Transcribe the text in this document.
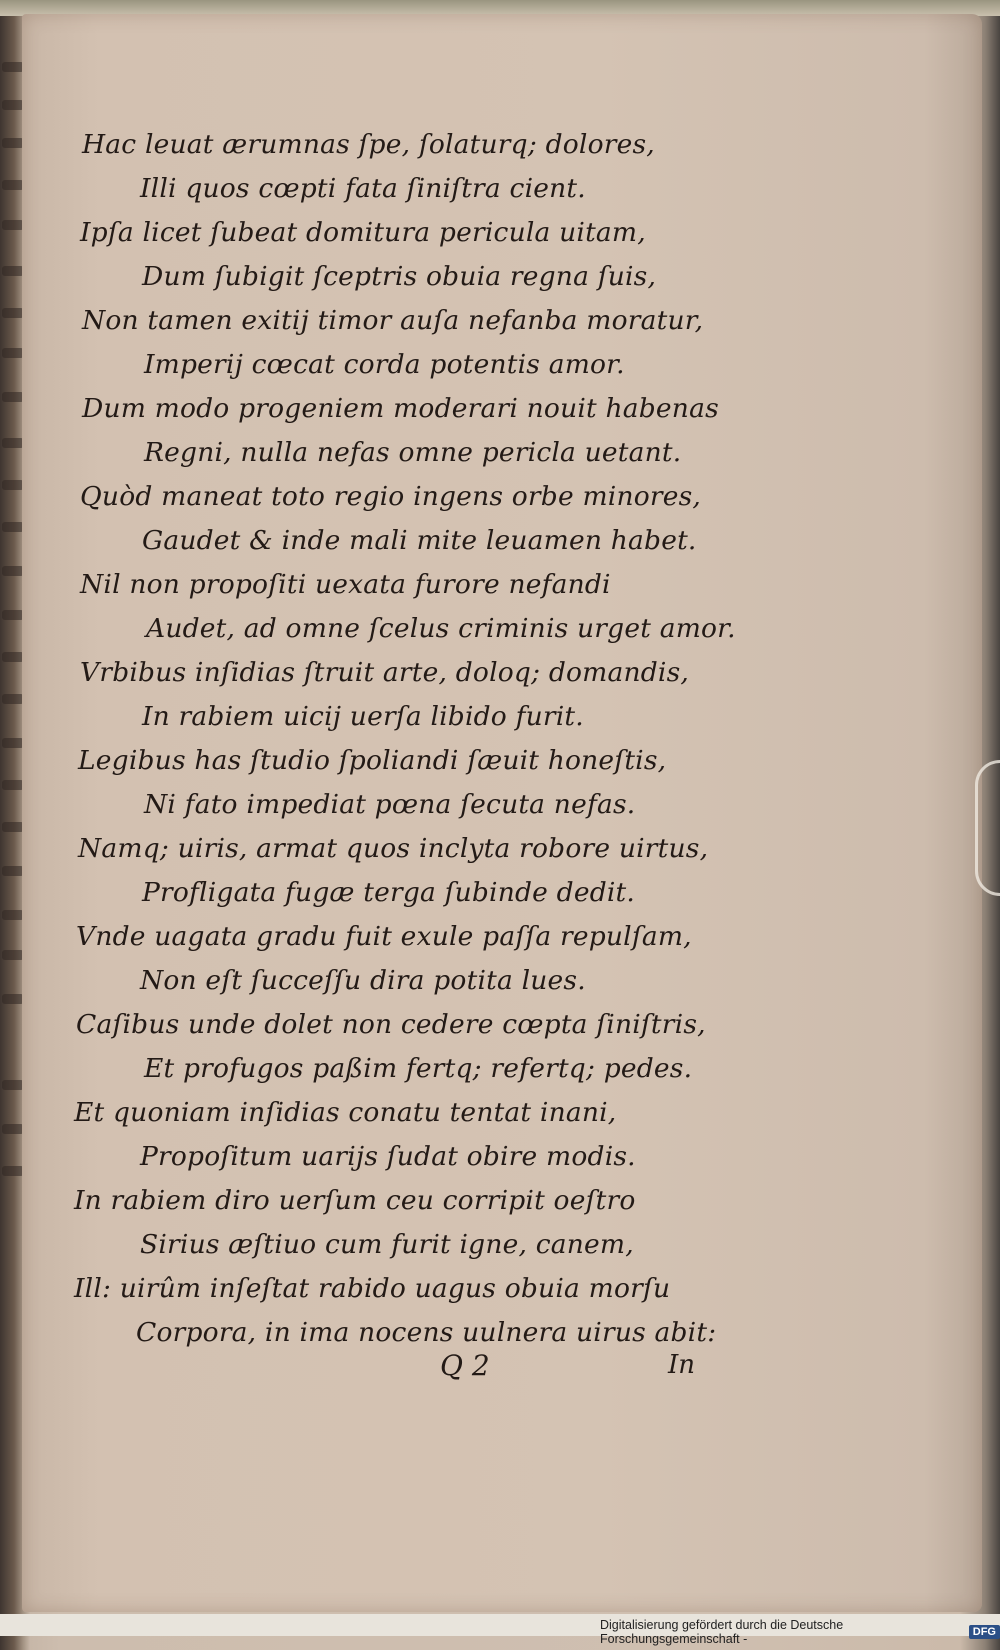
Hac leuat ærumnas ſpe, ſolaturq; dolores,
Illi quos cœpti fata ſiniſtra cient.
Ipſa licet ſubeat domitura pericula uitam,
Dum ſubigit ſceptris obuia regna ſuis,
Non tamen exitij timor auſa nefanba moratur,
Imperij cœcat corda potentis amor.
Dum modo progeniem moderari nouit habenas
Regni, nulla nefas omne pericla uetant.
Quòd maneat toto regio ingens orbe minores,
Gaudet & inde mali mite leuamen habet.
Nil non propoſiti uexata furore nefandi
Audet, ad omne ſcelus criminis urget amor.
Vrbibus inſidias ſtruit arte, doloq; domandis,
In rabiem uicij uerſa libido furit.
Legibus has ſtudio ſpoliandi ſæuit honeſtis,
Ni fato impediat pœna ſecuta nefas.
Namq; uiris, armat quos inclyta robore uirtus,
Profligata fugæ terga ſubinde dedit.
Vnde uagata gradu fuit exule paſſa repulſam,
Non eſt ſucceſſu dira potita lues.
Caſibus unde dolet non cedere cœpta ſiniſtris,
Et profugos paßim fertq; refertq; pedes.
Et quoniam inſidias conatu tentat inani,
Propoſitum uarijs ſudat obire modis.
In rabiem diro uerſum ceu corripit oeſtro
Sirius æſtiuo cum furit igne, canem,
Ill: uirûm inſeſtat rabido uagus obuia morſu
Corpora, in ima nocens uulnera uirus abit:
Q 2	In
Digitalisierung gefördert durch die Deutsche Forschungsgemeinschaft -	DFG
